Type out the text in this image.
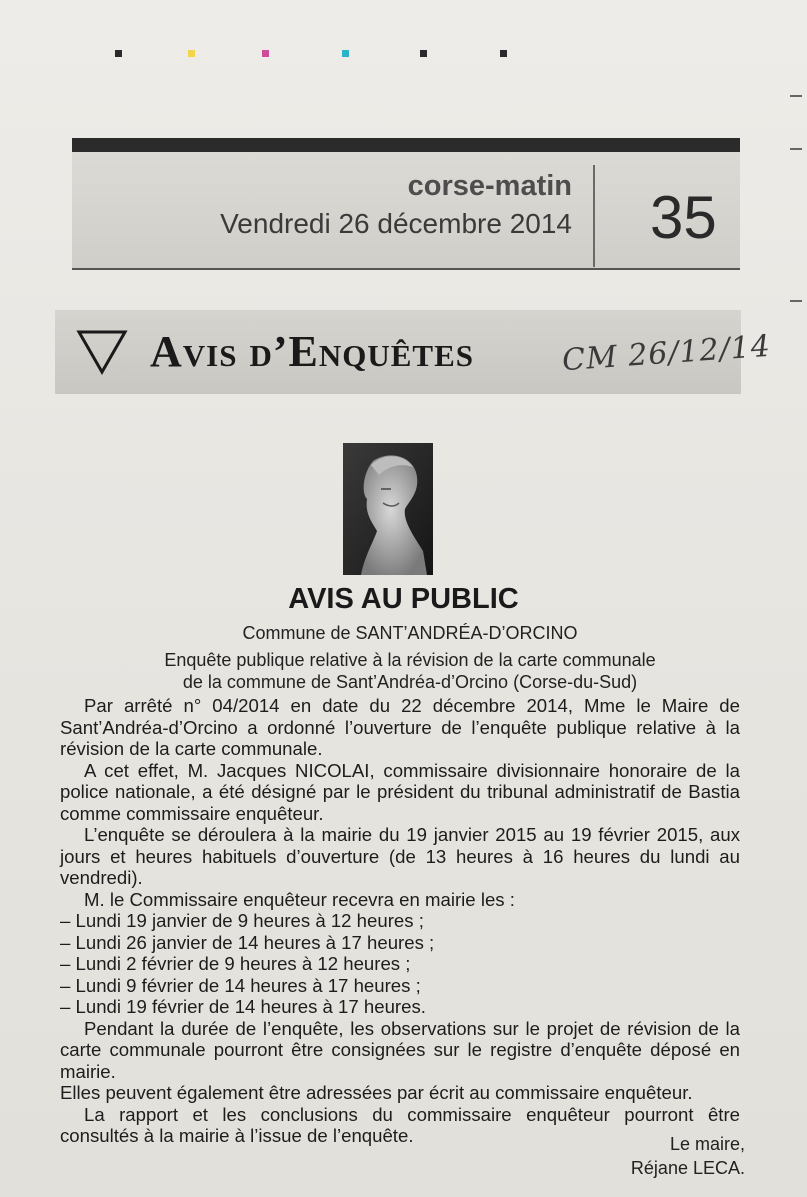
corse-matin
Vendredi 26 décembre 2014 35
Avis d’Enquêtes	CM 26/12/14
AVIS AU PUBLIC
Commune de SANT’ANDRÉA-D’ORCINO
Enquête publique relative à la révision de la carte communale
de la commune de Sant’Andréa-d’Orcino (Corse-du-Sud)

Par arrêté n° 04/2014 en date du 22 décembre 2014, Mme le Maire de Sant’Andréa-d’Orcino a ordonné l’ouverture de l’enquête publique relative à la révision de la carte communale.

A cet effet, M. Jacques NICOLAI, commissaire divisionnaire honoraire de la police nationale, a été désigné par le président du tribunal administratif de Bastia comme commissaire enquêteur.

L’enquête se déroulera à la mairie du 19 janvier 2015 au 19 février 2015, aux jours et heures habituels d’ouverture (de 13 heures à 16 heures du lundi au vendredi).

M. le Commissaire enquêteur recevra en mairie les :

– Lundi 19 janvier de 9 heures à 12 heures ;
– Lundi 26 janvier de 14 heures à 17 heures ;
– Lundi 2 février de 9 heures à 12 heures ;
– Lundi 9 février de 14 heures à 17 heures ;
– Lundi 19 février de 14 heures à 17 heures.

Pendant la durée de l’enquête, les observations sur le projet de révision de la carte communale pourront être consignées sur le registre d’enquête déposé en mairie.

Elles peuvent également être adressées par écrit au commissaire enquêteur.

La rapport et les conclusions du commissaire enquêteur pourront être consultés à la mairie à l’issue de l’enquête.	Le maire,
Réjane LECA.
